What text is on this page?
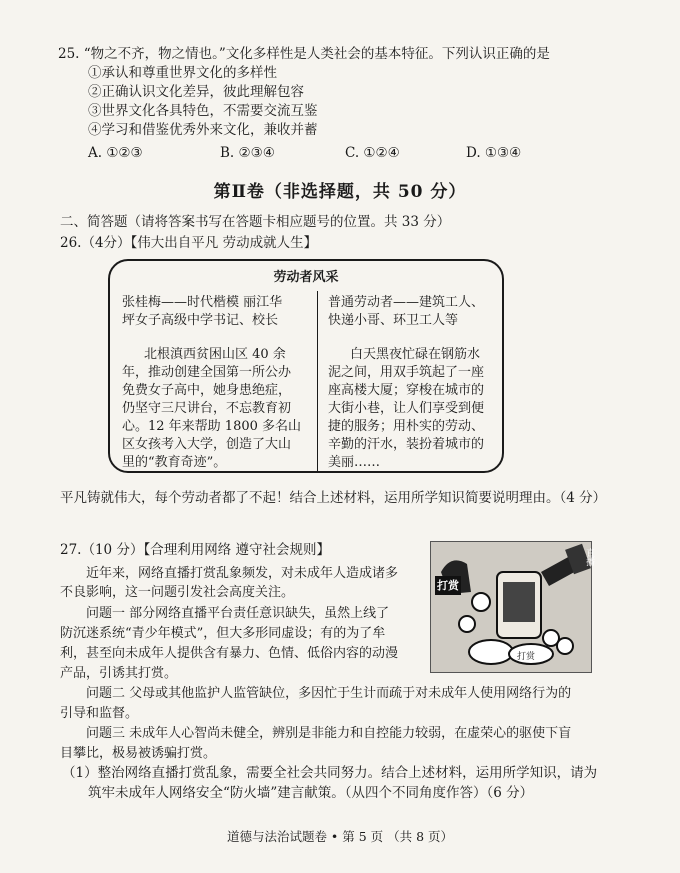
25. “物之不齐，物之情也。”文化多样性是人类社会的基本特征。下列认识正确的是
①承认和尊重世界文化的多样性
②正确认识文化差异，彼此理解包容
③世界文化各具特色，不需要交流互鉴
④学习和借鉴优秀外来文化，兼收并蓄
A. ①②③	B. ②③④	C. ①②④	D. ①③④
第Ⅱ卷（非选择题，共 50 分）
二、简答题（请将答案书写在答题卡相应题号的位置。共 33 分）
26.（4分）【伟大出自平凡 劳动成就人生】
劳动者风采
张桂梅——时代楷模 丽江华
坪女子高级中学书记、校长
北根滇西贫困山区 40 余
年，推动创建全国第一所公办
免费女子高中，她身患绝症，
仍坚守三尺讲台，不忘教育初
心。12 年来帮助 1800 多名山
区女孩考入大学，创造了大山
里的“教育奇迹”。
普通劳动者——建筑工人、
快递小哥、环卫工人等
白天黑夜忙碌在钢筋水
泥之间，用双手筑起了一座
座高楼大厦；穿梭在城市的
大街小巷，让人们享受到便
捷的服务；用朴实的劳动、
辛勤的汗水，装扮着城市的
美丽……
平凡铸就伟大，每个劳动者都了不起！结合上述材料，运用所学知识简要说明理由。（4 分）
27.（10 分）【合理利用网络 遵守社会规则】
近年来，网络直播打赏乱象频发，对未成年人造成诸多
不良影响，这一问题引发社会高度关注。
问题一 部分网络直播平台责任意识缺失，虽然上线了
防沉迷系统“青少年模式”，但大多形同虚设；有的为了牟
利，甚至向未成年人提供含有暴力、色情、低俗内容的动漫
产品，引诱其打赏。
问题二 父母或其他监护人监管缺位，多因忙于生计而疏于对未成年人使用网络行为的
引导和监督。
问题三 未成年人心智尚未健全，辨别是非能力和自控能力较弱，在虚荣心的驱使下盲
目攀比，极易被诱骗打赏。
（1）整治网络直播打赏乱象，需要全社会共同努力。结合上述材料，运用所学知识，请为
筑牢未成年人网络安全“防火墙”建言献策。（从四个不同角度作答）（6 分）
直播
打赏
打赏
道德与法治试题卷 • 第 5 页 （共 8 页）
